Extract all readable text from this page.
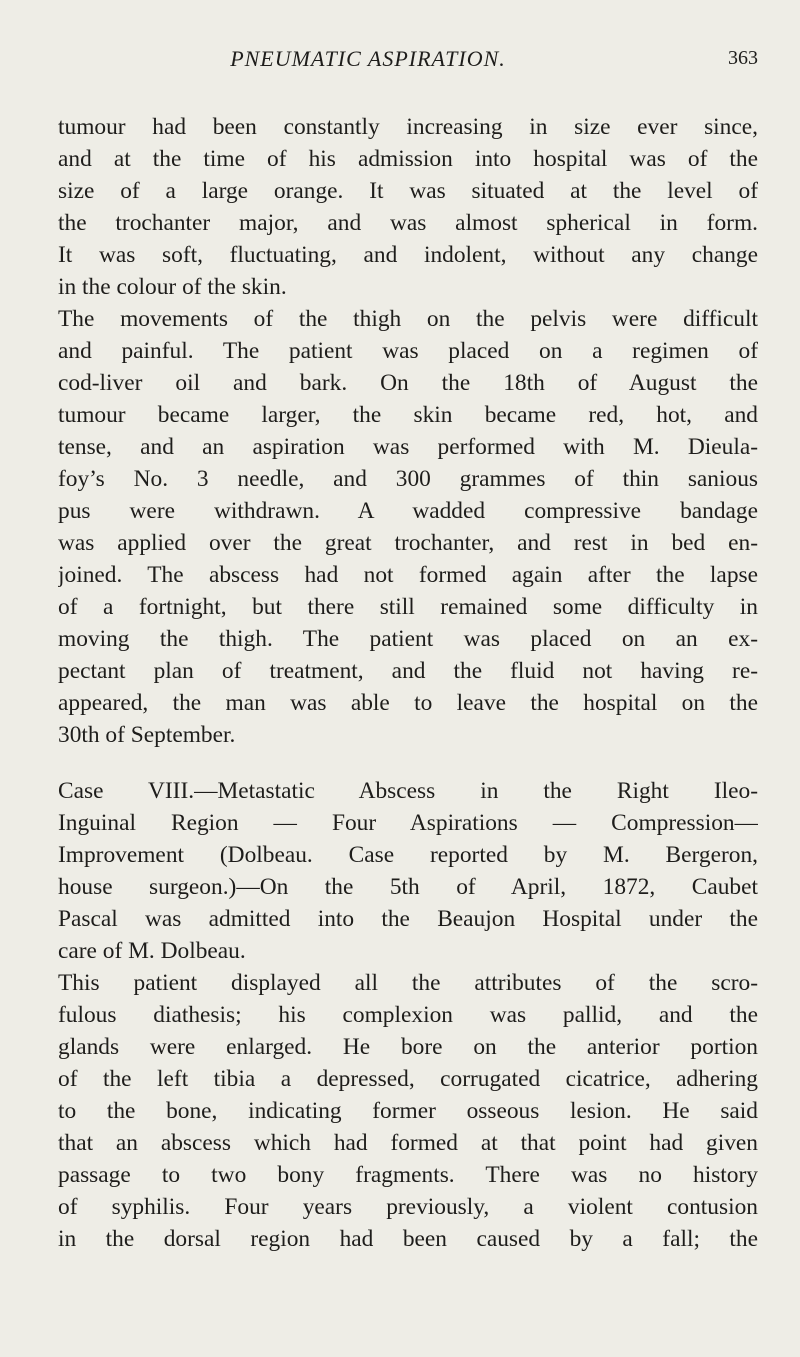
PNEUMATIC ASPIRATION.	363
tumour had been constantly increasing in size ever since,
and at the time of his admission into hospital was of the
size of a large orange. It was situated at the level of
the trochanter major, and was almost spherical in form.
It was soft, fluctuating, and indolent, without any change
in the colour of the skin.
The movements of the thigh on the pelvis were difficult
and painful. The patient was placed on a regimen of
cod-liver oil and bark. On the 18th of August the
tumour became larger, the skin became red, hot, and
tense, and an aspiration was performed with M. Dieula-
foy’s No. 3 needle, and 300 grammes of thin sanious
pus were withdrawn. A wadded compressive bandage
was applied over the great trochanter, and rest in bed en-
joined. The abscess had not formed again after the lapse
of a fortnight, but there still remained some difficulty in
moving the thigh. The patient was placed on an ex-
pectant plan of treatment, and the fluid not having re-
appeared, the man was able to leave the hospital on the
30th of September.
Case VIII.—Metastatic Abscess in the Right Ileo-
Inguinal Region — Four Aspirations — Compression—
Improvement (Dolbeau. Case reported by M. Bergeron,
house surgeon.)—On the 5th of April, 1872, Caubet
Pascal was admitted into the Beaujon Hospital under the
care of M. Dolbeau.
This patient displayed all the attributes of the scro-
fulous diathesis; his complexion was pallid, and the
glands were enlarged. He bore on the anterior portion
of the left tibia a depressed, corrugated cicatrice, adhering
to the bone, indicating former osseous lesion. He said
that an abscess which had formed at that point had given
passage to two bony fragments. There was no history
of syphilis. Four years previously, a violent contusion
in the dorsal region had been caused by a fall; the
